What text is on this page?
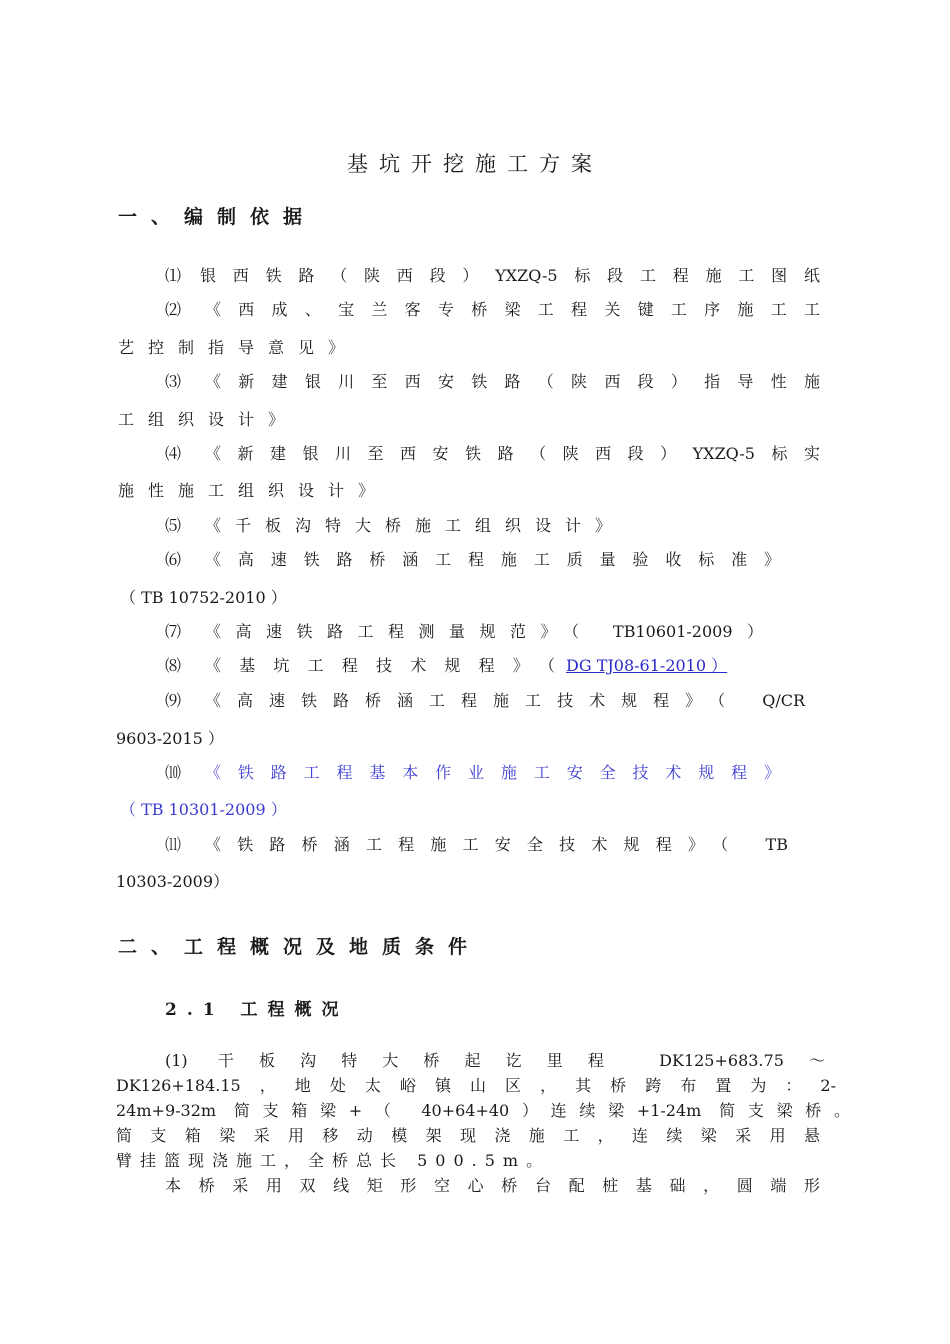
基坑开挖施工方案
一、编制依据
⑴ 银西铁路（陕西段）YXZQ-5标段工程施工图纸
⑵ 《西成、宝兰客专桥梁工程关键工序施工工
艺控制指导意见》
⑶ 《新建银川至西安铁路（陕西段）指导性施
工组织设计》
⑷ 《新建银川至西安铁路（陕西段）YXZQ-5标实
施性施工组织设计》
⑸ 《千板沟特大桥施工组织设计》
⑹ 《高速铁路桥涵工程施工质量验收标准》
（ TB 10752-2010 ）
⑺ 《高速铁路工程测量规范》（ TB10601-2009）
⑻ 《基坑工程技术规程》（ DG TJ08-61-2010 ）
⑼ 《高速铁路桥涵工程施工技术规程》（ Q/CR
9603-2015 ）
⑽ 《铁路工程基本作业施工安全技术规程》
（ TB 10301-2009 ）
⑾ 《铁路桥涵工程施工安全技术规程》（ TB
10303-2009）
二、工程概况及地质条件
2.1 工程概况
(1) 干板沟特大桥起讫里程 DK125+683.75～
DK126+184.15，地处太峪镇山区，其桥跨布置为：2-
24m+9-32m 简支箱梁+（ 40+64+40）连续梁+1-24m 简支梁桥。
简支箱梁采用移动模架现浇施工，连续梁采用悬
臂挂篮现浇施工，全桥总长 500.5m。
本桥采用双线矩形空心桥台配桩基础，圆端形
